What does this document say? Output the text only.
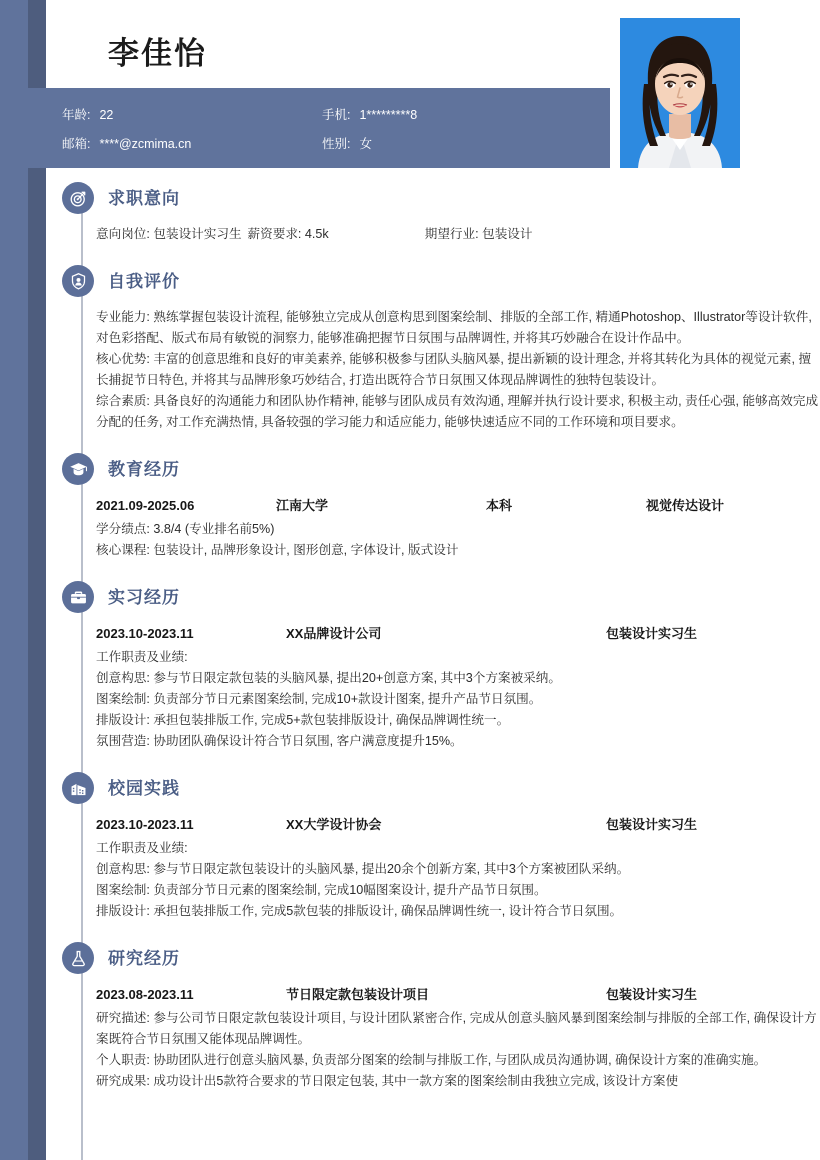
李佳怡
年龄: 22	手机: 1*********8
邮箱: ****@zcmima.cn	性别: 女
求职意向
意向岗位: 包装设计实习生 薪资要求: 4.5k	期望行业: 包装设计
自我评价

专业能力: 熟练掌握包装设计流程, 能够独立完成从创意构思到图案绘制、排版的全部工作, 精通Photoshop、Illustrator等设计软件, 对色彩搭配、版式布局有敏锐的洞察力, 能够准确把握节日氛围与品牌调性, 并将其巧妙融合在设计作品中。

核心优势: 丰富的创意思维和良好的审美素养, 能够积极参与团队头脑风暴, 提出新颖的设计理念, 并将其转化为具体的视觉元素, 擅长捕捉节日特色, 并将其与品牌形象巧妙结合, 打造出既符合节日氛围又体现品牌调性的独特包装设计。

综合素质: 具备良好的沟通能力和团队协作精神, 能够与团队成员有效沟通, 理解并执行设计要求, 积极主动, 责任心强, 能够高效完成分配的任务, 对工作充满热情, 具备较强的学习能力和适应能力, 能够快速适应不同的工作环境和项目要求。

教育经历
2021.09-2025.06	江南大学	本科	视觉传达设计

学分绩点: 3.8/4 (专业排名前5%)

核心课程: 包装设计, 品牌形象设计, 图形创意, 字体设计, 版式设计

实习经历
2023.10-2023.11	XX品牌设计公司	包装设计实习生

工作职责及业绩:

创意构思: 参与节日限定款包装的头脑风暴, 提出20+创意方案, 其中3个方案被采纳。

图案绘制: 负责部分节日元素图案绘制, 完成10+款设计图案, 提升产品节日氛围。

排版设计: 承担包装排版工作, 完成5+款包装排版设计, 确保品牌调性统一。

氛围营造: 协助团队确保设计符合节日氛围, 客户满意度提升15%。

校园实践
2023.10-2023.11	XX大学设计协会	包装设计实习生

工作职责及业绩:

创意构思: 参与节日限定款包装设计的头脑风暴, 提出20余个创新方案, 其中3个方案被团队采纳。

图案绘制: 负责部分节日元素的图案绘制, 完成10幅图案设计, 提升产品节日氛围。

排版设计: 承担包装排版工作, 完成5款包装的排版设计, 确保品牌调性统一, 设计符合节日氛围。

研究经历
2023.08-2023.11	节日限定款包装设计项目	包装设计实习生

研究描述: 参与公司节日限定款包装设计项目, 与设计团队紧密合作, 完成从创意头脑风暴到图案绘制与排版的全部工作, 确保设计方案既符合节日氛围又能体现品牌调性。

个人职责: 协助团队进行创意头脑风暴, 负责部分图案的绘制与排版工作, 与团队成员沟通协调, 确保设计方案的准确实施。

研究成果: 成功设计出5款符合要求的节日限定包装, 其中一款方案的图案绘制由我独立完成, 该设计方案使
